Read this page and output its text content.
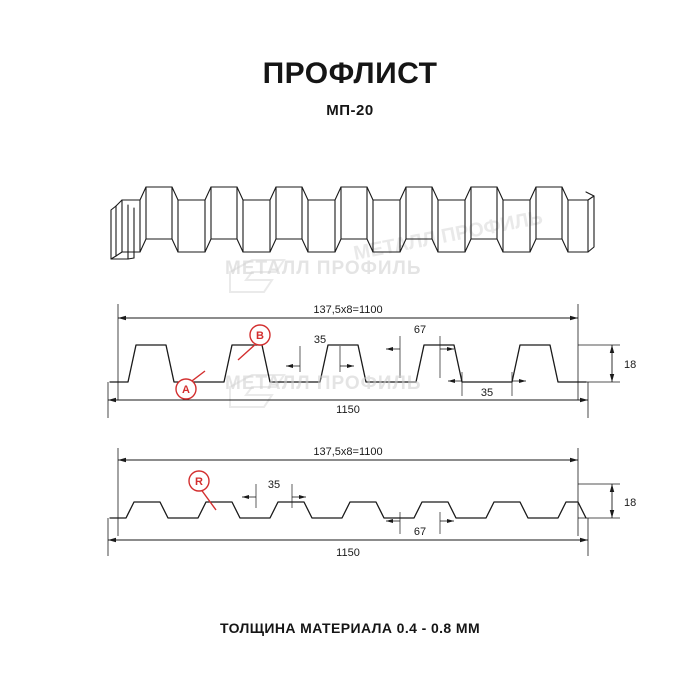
ПРОФЛИСТ
МП-20
МЕТАЛЛ ПРОФИЛЬ
137,5x8=1100
1150
18
35
67
35
A
B
137,5x8=1100
1150
18
35
67
R
МЕТАЛЛ ПРОФИЛЬ
МЕТАЛЛ ПРОФИЛЬ
ТОЛЩИНА МАТЕРИАЛА 0.4 - 0.8 ММ
